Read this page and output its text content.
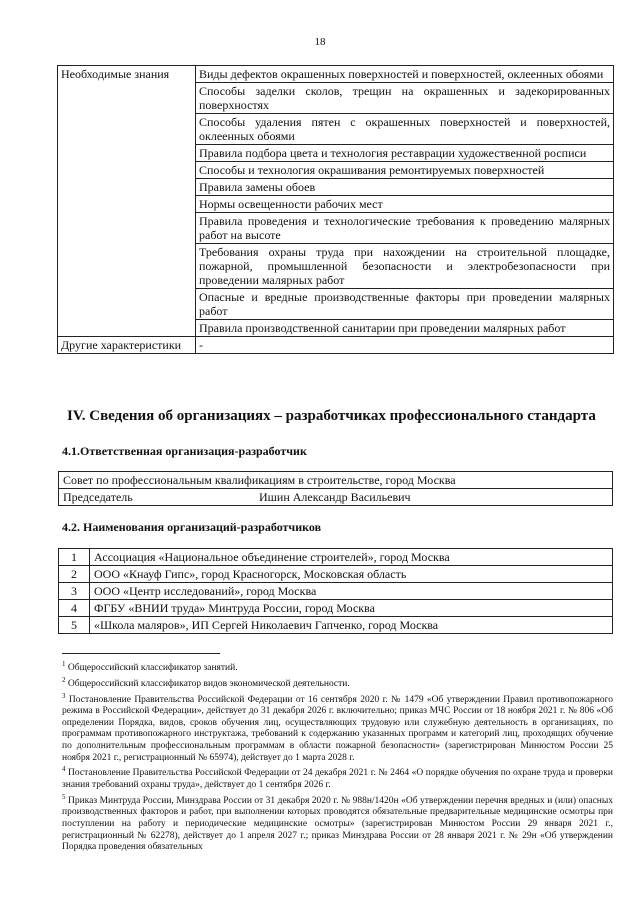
18
Необходимые знания	Виды дефектов окрашенных поверхностей и поверхностей, оклеенных обоями
	Способы заделки сколов, трещин на окрашенных и задекорированных поверхностях
	Способы удаления пятен с окрашенных поверхностей и поверхностей, оклеенных обоями
	Правила подбора цвета и технология реставрации художественной росписи
	Способы и технология окрашивания ремонтируемых поверхностей
	Правила замены обоев
	Нормы освещенности рабочих мест
	Правила проведения и технологические требования к проведению малярных работ на высоте
	Требования охраны труда при нахождении на строительной площадке, пожарной, промышленной безопасности и электробезопасности при проведении малярных работ
	Опасные и вредные производственные факторы при проведении малярных работ
	Правила производственной санитарии при проведении малярных работ
Другие характеристики	-
IV. Сведения об организациях – разработчиках профессионального стандарта
4.1.Ответственная организация-разработчик
Совет по профессиональным квалификациям в строительстве, город Москва

Председатель	Ишин Александр Васильевич
4.2. Наименования организаций-разработчиков
1	Ассоциация «Национальное объединение строителей», город Москва
2	ООО «Кнауф Гипс», город Красногорск, Московская область
3	ООО «Центр исследований», город Москва
4	ФГБУ «ВНИИ труда» Минтруда России, город Москва
5	«Школа маляров», ИП Сергей Николаевич Гапченко, город Москва

$^1$ Общероссийский классификатор занятий.

$^2$ Общероссийский классификатор видов экономической деятельности.

$^3$ Постановление Правительства Российской Федерации от 16 сентября 2020 г. № 1479 «Об утверждении Правил противопожарного режима в Российской Федерации», действует до 31 декабря 2026 г. включительно; приказ МЧС России от 18 ноября 2021 г. № 806 «Об определении Порядка, видов, сроков обучения лиц, осуществляющих трудовую или служебную деятельность в организациях, по программам противопожарного инструктажа, требований к содержанию указанных программ и категорий лиц, проходящих обучение по дополнительным профессиональным программам в области пожарной безопасности» (зарегистрирован Минюстом России 25 ноября 2021 г., регистрационный № 65974), действует до 1 марта 2028 г.

$^4$ Постановление Правительства Российской Федерации от 24 декабря 2021 г. № 2464 «О порядке обучения по охране труда и проверки знания требований охраны труда», действует до 1 сентября 2026 г.

$^5$ Приказ Минтруда России, Минздрава России от 31 декабря 2020 г. № 988н/1420н «Об утверждении перечня вредных и (или) опасных производственных факторов и работ, при выполнении которых проводятся обязательные предварительные медицинские осмотры при поступлении на работу и периодические медицинские осмотры» (зарегистрирован Минюстом России 29 января 2021 г., регистрационный № 62278), действует до 1 апреля 2027 г.; приказ Минздрава России от 28 января 2021 г. № 29н «Об утверждении Порядка проведения обязательных
